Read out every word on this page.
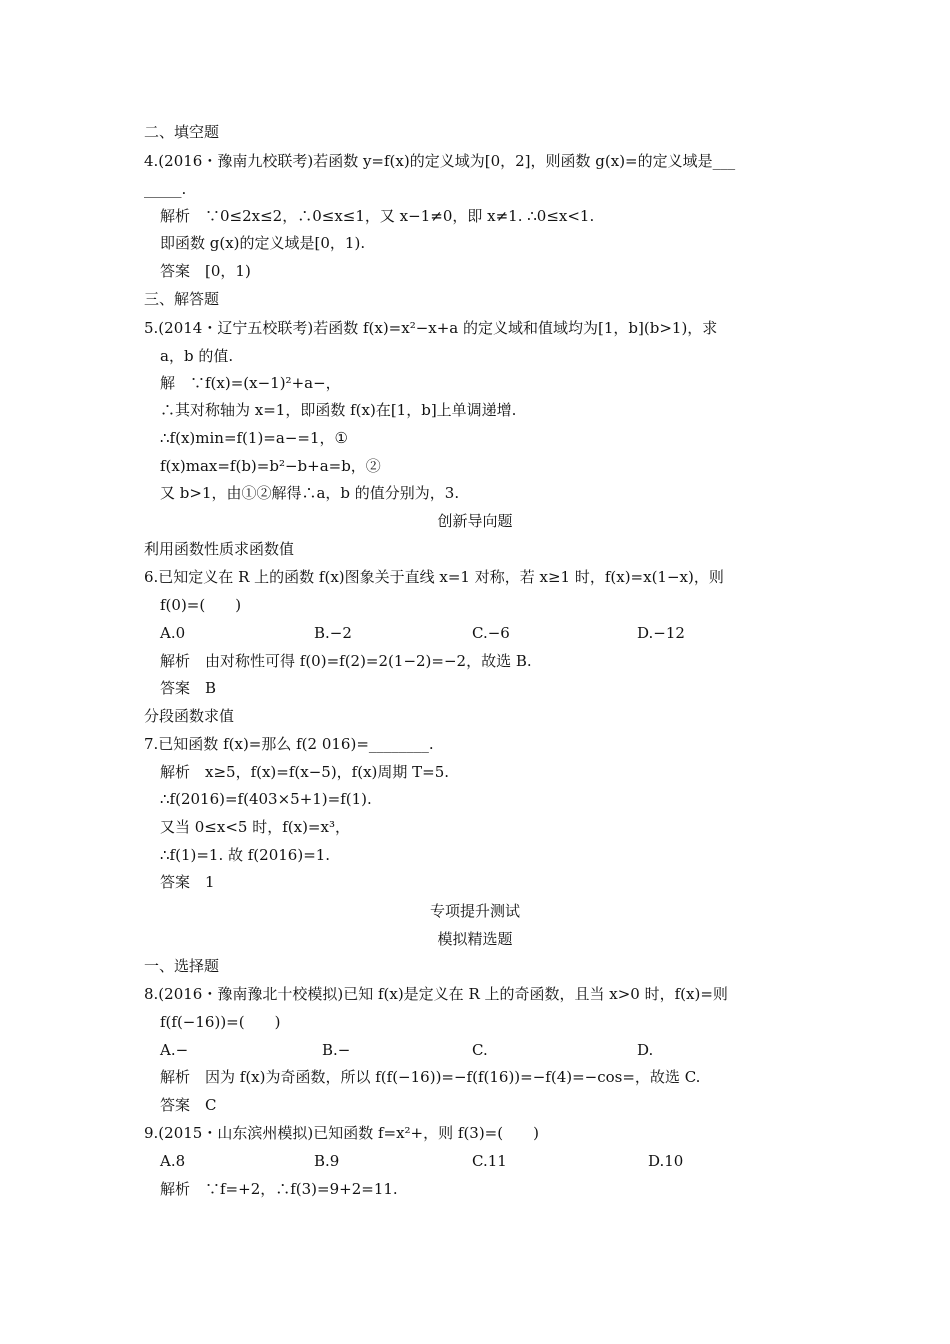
二、填空题

4.(2016・豫南九校联考)若函数 y=f(x)的定义域为[0，2]，则函数 g(x)=的定义域是___

_____.

解析　∵0≤2x≤2，∴0≤x≤1，又 x−1≠0，即 x≠1. ∴0≤x<1.

即函数 g(x)的定义域是[0，1).

答案　[0，1)

三、解答题

5.(2014・辽宁五校联考)若函数 f(x)=x²−x+a 的定义域和值域均为[1，b](b>1)，求

a，b 的值.

解　∵f(x)=(x−1)²+a−，

∴其对称轴为 x=1，即函数 f(x)在[1，b]上单调递增.

∴f(x)min=f(1)=a−=1，①

f(x)max=f(b)=b²−b+a=b，②

又 b>1，由①②解得∴a，b 的值分别为，3.

创新导向题

利用函数性质求函数值

6.已知定义在 R 上的函数 f(x)图象关于直线 x=1 对称，若 x≥1 时，f(x)=x(1−x)，则

f(0)=(　　)

A.0	B.−2	C.−6	D.−12

解析　由对称性可得 f(0)=f(2)=2(1−2)=−2，故选 B.

答案　B

分段函数求值

7.已知函数 f(x)=那么 f(2 016)=________.

解析　x≥5，f(x)=f(x−5)，f(x)周期 T=5.

∴f(2016)=f(403×5+1)=f(1).

又当 0≤x<5 时，f(x)=x³，

∴f(1)=1. 故 f(2016)=1.

答案　1

专项提升测试

模拟精选题

一、选择题

8.(2016・豫南豫北十校模拟)已知 f(x)是定义在 R 上的奇函数，且当 x>0 时，f(x)=则

f(f(−16))=(　　)

A.−	B.−	C.	D.

解析　因为 f(x)为奇函数，所以 f(f(−16))=−f(f(16))=−f(4)=−cos=，故选 C.

答案　C

9.(2015・山东滨州模拟)已知函数 f=x²+，则 f(3)=(　　)

A.8	B.9	C.11	D.10

解析　∵f=+2，∴f(3)=9+2=11.
